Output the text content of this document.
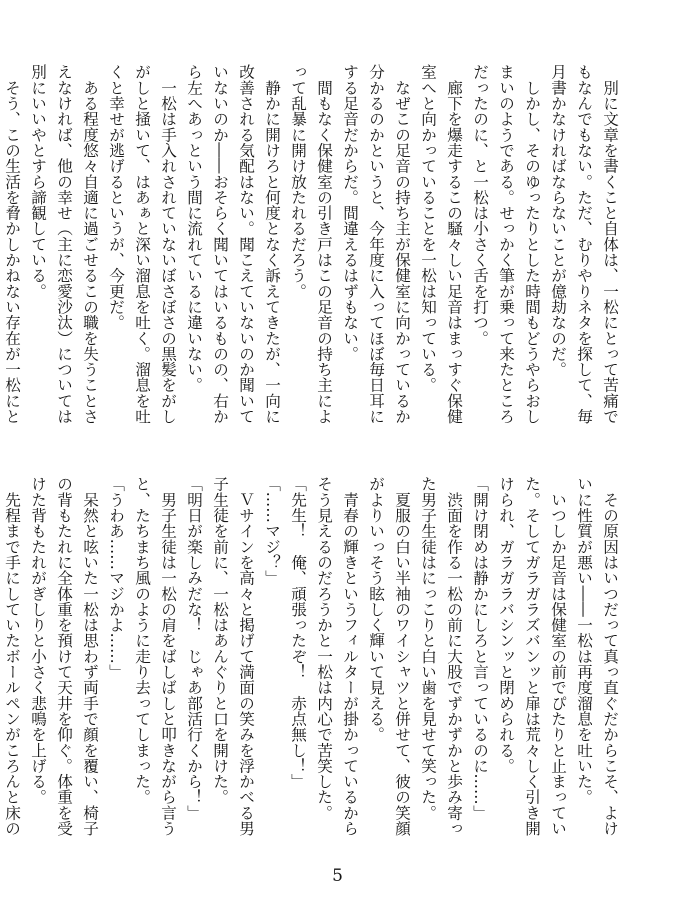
　別に文章を書くこと自体は、一松にとって苦痛でもなんでもない。ただ、むりやりネタを探して、毎月書かなければならないことが億劫なのだ。
　しかし、そのゆったりとした時間もどうやらおしまいのようである。せっかく筆が乗って来たところだったのに、と一松は小さく舌を打つ。
　廊下を爆走するこの騒々しい足音はまっすぐ保健室へと向かっていることを一松は知っている。
　なぜこの足音の持ち主が保健室に向かっているか分かるのかというと、今年度に入ってほぼ毎日耳にする足音だからだ。間違えるはずもない。
　間もなく保健室の引き戸はこの足音の持ち主によって乱暴に開け放たれるだろう。
　静かに開けろと何度となく訴えてきたが、一向に改善される気配はない。聞こえていないのか聞いていないのか――おそらく聞いてはいるものの、右から左へあっという間に流れているに違いない。
　一松は手入れされていないぼさぼさの黒髪をがしがしと掻いて、はあぁと深い溜息を吐く。溜息を吐くと幸せが逃げるというが、今更だ。
　ある程度悠々自適に過ごせるこの職を失うことさえなければ、他の幸せ（主に恋愛沙汰）については別にいいやとすら諦観している。
　そう、この生活を脅かしかねない存在が一松にと

　その原因はいつだって真っ直ぐだからこそ、よけいに性質が悪い――一松は再度溜息を吐いた。
　いつしか足音は保健室の前でぴたりと止まっていた。そしてガラガラズバンッと扉は荒々しく引き開けられ、ガラガラバシンッと閉められる。
「開け閉めは静かにしろと言っているのに……」
　渋面を作る一松の前に大股でずかずかと歩み寄った男子生徒はにっこりと白い歯を見せて笑った。
　夏服の白い半袖のワイシャツと併せて、彼の笑顔がよりいっそう眩しく輝いて見える。
　青春の輝きというフィルターが掛かっているからそう見えるのだろうかと一松は内心で苦笑した。
「先生！　俺、頑張ったぞ！　赤点無し！」
「……マジ？」
　Ｖサインを高々と掲げて満面の笑みを浮かべる男子生徒を前に、一松はあんぐりと口を開けた。
「明日が楽しみだな！　じゃあ部活行くから！」
　男子生徒は一松の肩をばしばしと叩きながら言うと、たちまち風のように走り去ってしまった。
「うわあ……マジかよ……」
　呆然と呟いた一松は思わず両手で顔を覆い、椅子の背もたれに全体重を預けて天井を仰ぐ。体重を受けた背もたれがぎしりと小さく悲鳴を上げる。
　先程まで手にしていたボールペンがころんと床の

5
